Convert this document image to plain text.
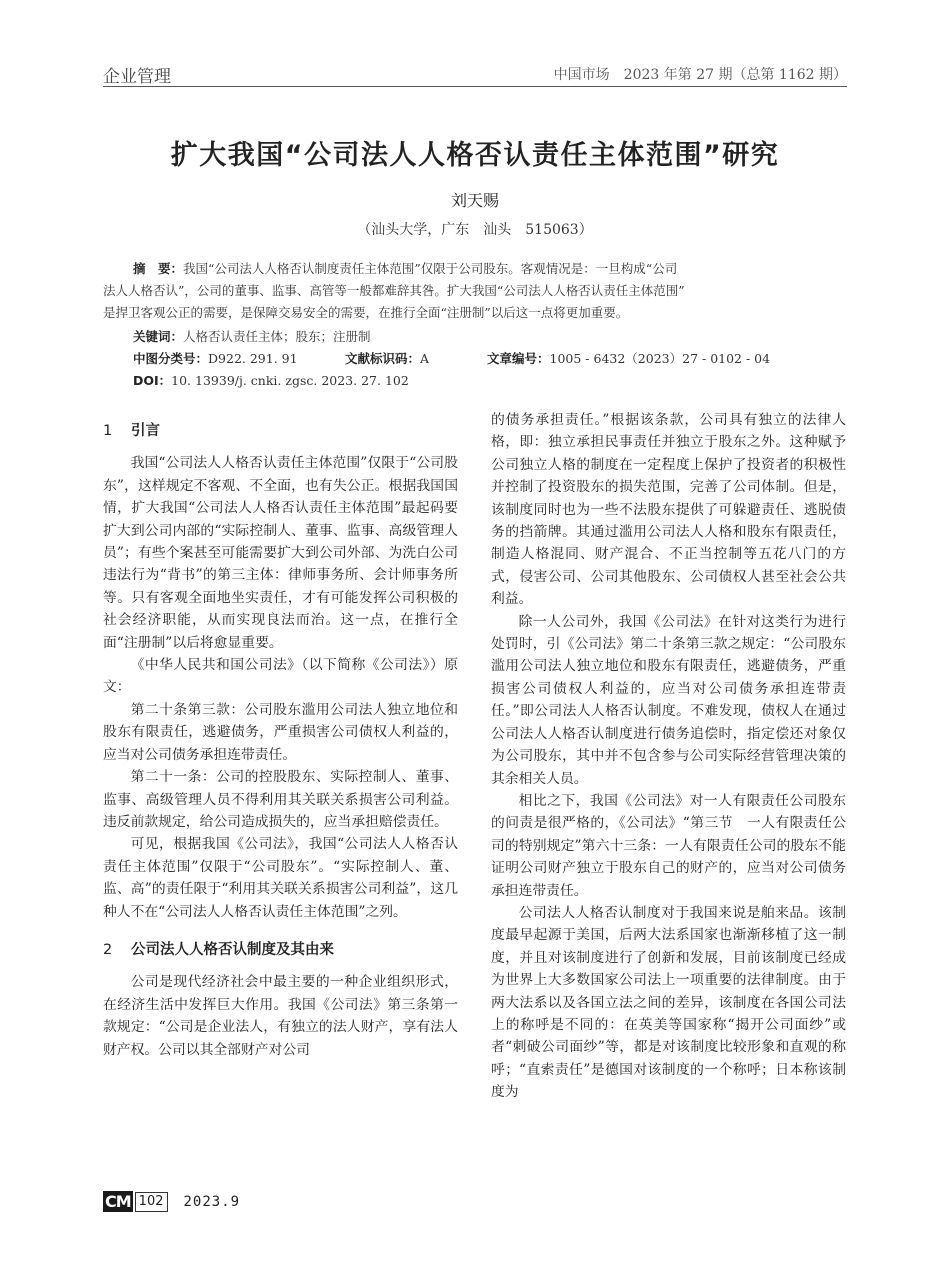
企业管理	中国市场　2023 年第 27 期（总第 1162 期）
扩大我国“公司法人人格否认责任主体范围”研究
刘天赐
（汕头大学，广东　汕头　515063）
摘　要：我国“公司法人人格否认制度责任主体范围”仅限于公司股东。客观情况是：一旦构成“公司
法人人格否认”，公司的董事、监事、高管等一般都难辞其咎。扩大我国“公司法人人格否认责任主体范围”
是捍卫客观公正的需要，是保障交易安全的需要，在推行全面“注册制”以后这一点将更加重要。
关键词：人格否认责任主体；股东；注册制
中图分类号：D922. 291. 91	文献标识码：A	文章编号：1005 - 6432（2023）27 - 0102 - 04
DOI：10. 13939/j. cnki. zgsc. 2023. 27. 102
1 引言

我国“公司法人人格否认责任主体范围”仅限于“公司股东”，这样规定不客观、不全面，也有失公正。根据我国国情，扩大我国“公司法人人格否认责任主体范围”最起码要扩大到公司内部的“实际控制人、董事、监事、高级管理人员”；有些个案甚至可能需要扩大到公司外部、为洗白公司违法行为“背书”的第三主体：律师事务所、会计师事务所等。只有客观全面地坐实责任，才有可能发挥公司积极的社会经济职能，从而实现良法而治。这一点，在推行全面“注册制”以后将愈显重要。

《中华人民共和国公司法》（以下简称《公司法》）原文：

第二十条第三款：公司股东滥用公司法人独立地位和股东有限责任，逃避债务，严重损害公司债权人利益的，应当对公司债务承担连带责任。

第二十一条：公司的控股股东、实际控制人、董事、监事、高级管理人员不得利用其关联关系损害公司利益。违反前款规定，给公司造成损失的，应当承担赔偿责任。

可见，根据我国《公司法》，我国“公司法人人格否认责任主体范围”仅限于“公司股东”。“实际控制人、董、监、高”的责任限于“利用其关联关系损害公司利益”，这几种人不在“公司法人人格否认责任主体范围”之列。

2 公司法人人格否认制度及其由来

公司是现代经济社会中最主要的一种企业组织形式，在经济生活中发挥巨大作用。我国《公司法》第三条第一款规定：“公司是企业法人，有独立的法人财产，享有法人财产权。公司以其全部财产对公司

的债务承担责任。”根据该条款，公司具有独立的法律人格，即：独立承担民事责任并独立于股东之外。这种赋予公司独立人格的制度在一定程度上保护了投资者的积极性并控制了投资股东的损失范围，完善了公司体制。但是，该制度同时也为一些不法股东提供了可躲避责任、逃脱债务的挡箭牌。其通过滥用公司法人人格和股东有限责任，制造人格混同、财产混合、不正当控制等五花八门的方式，侵害公司、公司其他股东、公司债权人甚至社会公共利益。

除一人公司外，我国《公司法》在针对这类行为进行处罚时，引《公司法》第二十条第三款之规定：“公司股东滥用公司法人独立地位和股东有限责任，逃避债务，严重损害公司债权人利益的，应当对公司债务承担连带责任。”即公司法人人格否认制度。不难发现，债权人在通过公司法人人格否认制度进行债务追偿时，指定偿还对象仅为公司股东，其中并不包含参与公司实际经营管理决策的其余相关人员。

相比之下，我国《公司法》对一人有限责任公司股东的问责是很严格的，《公司法》“第三节　一人有限责任公司的特别规定”第六十三条：一人有限责任公司的股东不能证明公司财产独立于股东自己的财产的，应当对公司债务承担连带责任。

公司法人人格否认制度对于我国来说是舶来品。该制度最早起源于美国，后两大法系国家也渐渐移植了这一制度，并且对该制度进行了创新和发展，目前该制度已经成为世界上大多数国家公司法上一项重要的法律制度。由于两大法系以及各国立法之间的差异，该制度在各国公司法上的称呼是不同的：在英美等国家称“揭开公司面纱”或者“刺破公司面纱”等，都是对该制度比较形象和直观的称呼；“直索责任”是德国对该制度的一个称呼；日本称该制度为

CM 102 2023.9
